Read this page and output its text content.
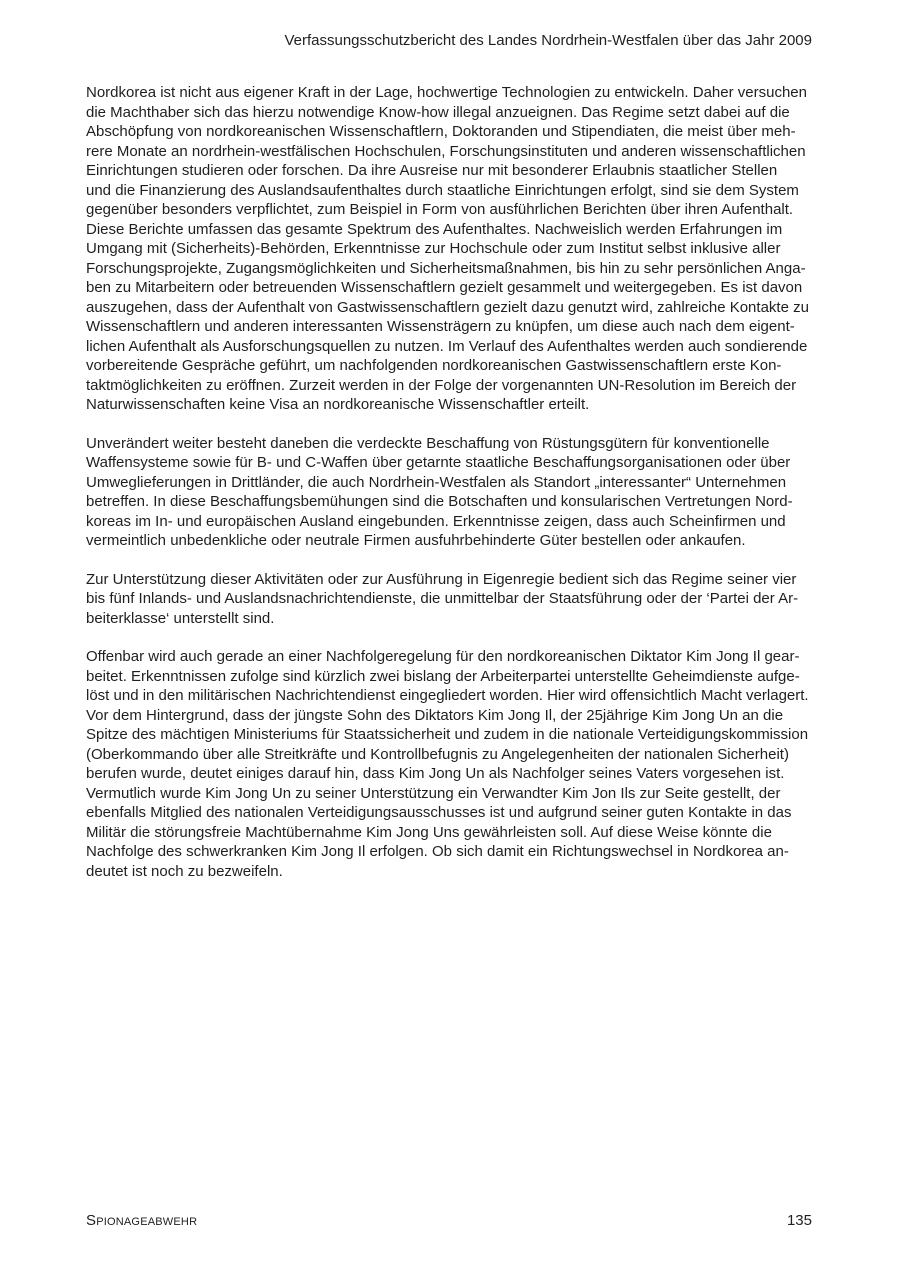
Verfassungsschutzbericht des Landes Nordrhein-Westfalen über das Jahr 2009

Nordkorea ist nicht aus eigener Kraft in der Lage, hochwertige Technologien zu entwickeln. Daher versuchen
die Machthaber sich das hierzu notwendige Know-how illegal anzueignen. Das Regime setzt dabei auf die
Abschöpfung von nordkoreanischen Wissenschaftlern, Doktoranden und Stipendiaten, die meist über meh-
rere Monate an nordrhein-westfälischen Hochschulen, Forschungsinstituten und anderen wissenschaftlichen
Einrichtungen studieren oder forschen. Da ihre Ausreise nur mit besonderer Erlaubnis staatlicher Stellen
und die Finanzierung des Auslandsaufenthaltes durch staatliche Einrichtungen erfolgt, sind sie dem System
gegenüber besonders verpflichtet, zum Beispiel in Form von ausführlichen Berichten über ihren Aufenthalt.
Diese Berichte umfassen das gesamte Spektrum des Aufenthaltes. Nachweislich werden Erfahrungen im
Umgang mit (Sicherheits)-Behörden, Erkenntnisse zur Hochschule oder zum Institut selbst inklusive aller
Forschungsprojekte, Zugangsmöglichkeiten und Sicherheitsmaßnahmen, bis hin zu sehr persönlichen Anga-
ben zu Mitarbeitern oder betreuenden Wissenschaftlern gezielt gesammelt und weitergegeben. Es ist davon
auszugehen, dass der Aufenthalt von Gastwissenschaftlern gezielt dazu genutzt wird, zahlreiche Kontakte zu
Wissenschaftlern und anderen interessanten Wissensträgern zu knüpfen, um diese auch nach dem eigent-
lichen Aufenthalt als Ausforschungsquellen zu nutzen. Im Verlauf des Aufenthaltes werden auch sondierende
vorbereitende Gespräche geführt, um nachfolgenden nordkoreanischen Gastwissenschaftlern erste Kon-
taktmöglichkeiten zu eröffnen. Zurzeit werden in der Folge der vorgenannten UN-Resolution im Bereich der
Naturwissenschaften keine Visa an nordkoreanische Wissenschaftler erteilt.

Unverändert weiter besteht daneben die verdeckte Beschaffung von Rüstungsgütern für konventionelle
Waffensysteme sowie für B- und C-Waffen über getarnte staatliche Beschaffungsorganisationen oder über
Umweglieferungen in Drittländer, die auch Nordrhein-Westfalen als Standort „interessanter“ Unternehmen
betreffen. In diese Beschaffungsbemühungen sind die Botschaften und konsularischen Vertretungen Nord-
koreas im In- und europäischen Ausland eingebunden. Erkenntnisse zeigen, dass auch Scheinfirmen und
vermeintlich unbedenkliche oder neutrale Firmen ausfuhrbehinderte Güter bestellen oder ankaufen.

Zur Unterstützung dieser Aktivitäten oder zur Ausführung in Eigenregie bedient sich das Regime seiner vier
bis fünf Inlands- und Auslandsnachrichtendienste, die unmittelbar der Staatsführung oder der ‘Partei der Ar-
beiterklasse‘ unterstellt sind.

Offenbar wird auch gerade an einer Nachfolgeregelung für den nordkoreanischen Diktator Kim Jong Il gear-
beitet. Erkenntnissen zufolge sind kürzlich zwei bislang der Arbeiterpartei unterstellte Geheimdienste aufge-
löst und in den militärischen Nachrichtendienst eingegliedert worden. Hier wird offensichtlich Macht verlagert.
Vor dem Hintergrund, dass der jüngste Sohn des Diktators Kim Jong Il, der 25jährige Kim Jong Un an die
Spitze des mächtigen Ministeriums für Staatssicherheit und zudem in die nationale Verteidigungskommission
(Oberkommando über alle Streitkräfte und Kontrollbefugnis zu Angelegenheiten der nationalen Sicherheit)
berufen wurde, deutet einiges darauf hin, dass Kim Jong Un als Nachfolger seines Vaters vorgesehen ist.
Vermutlich wurde Kim Jong Un zu seiner Unterstützung ein Verwandter Kim Jon Ils zur Seite gestellt, der
ebenfalls Mitglied des nationalen Verteidigungsausschusses ist und aufgrund seiner guten Kontakte in das
Militär die störungsfreie Machtübernahme Kim Jong Uns gewährleisten soll. Auf diese Weise könnte die
Nachfolge des schwerkranken Kim Jong Il erfolgen. Ob sich damit ein Richtungswechsel in Nordkorea an-
deutet ist noch zu bezweifeln.

Spionageabwehr	135
